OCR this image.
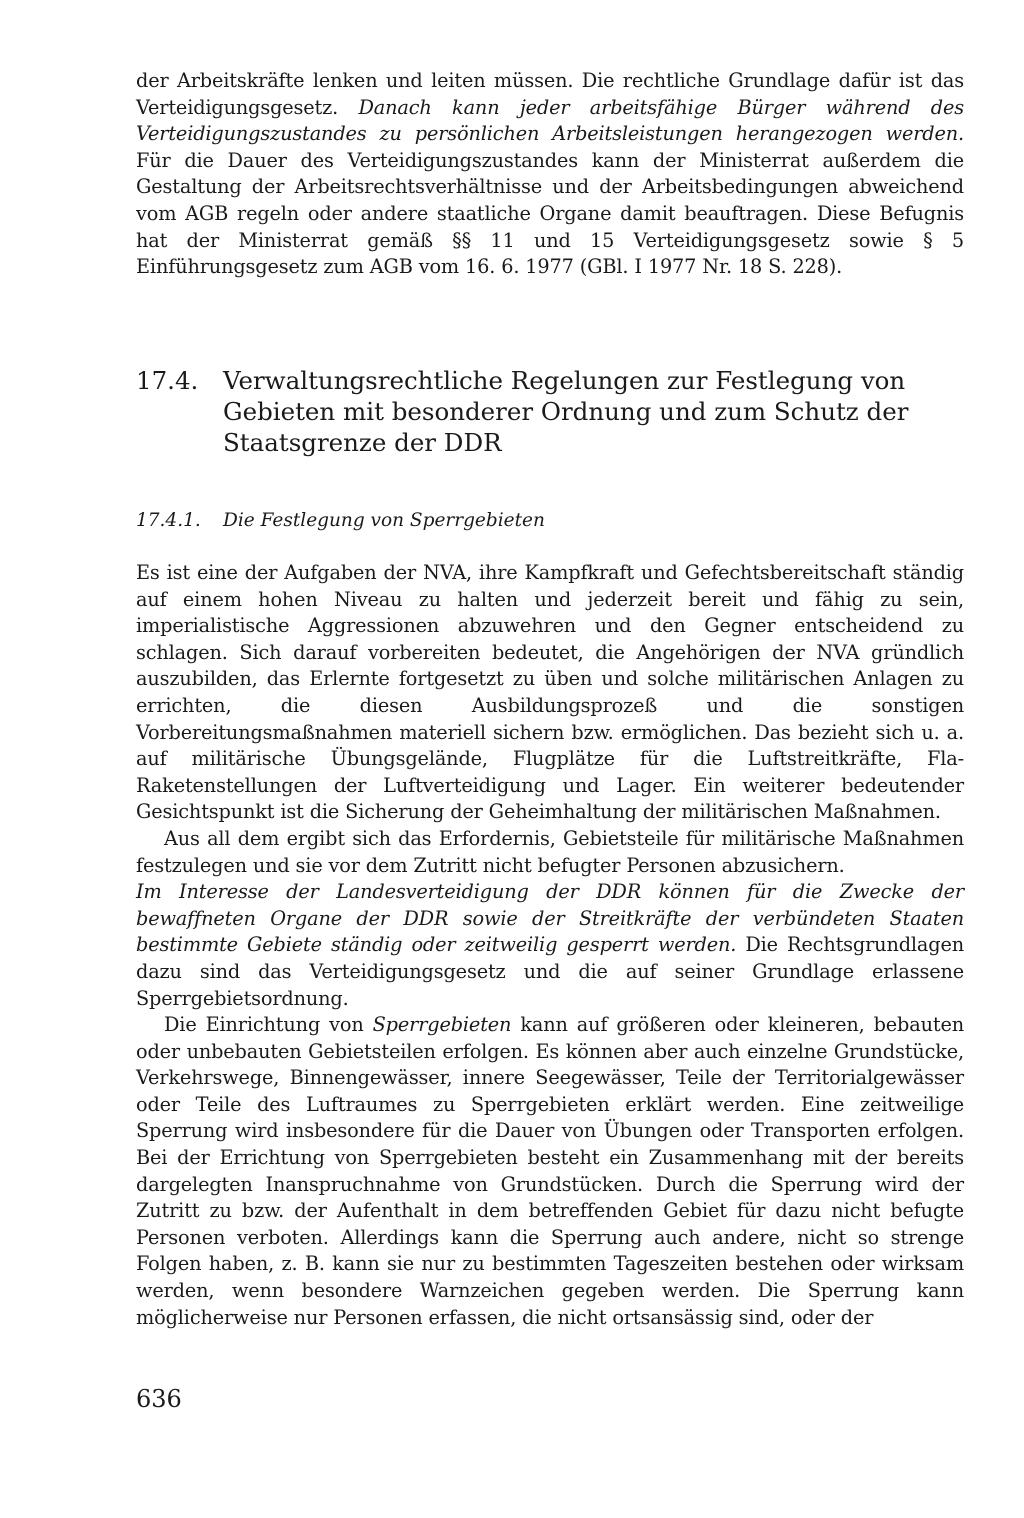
der Arbeitskräfte lenken und leiten müssen. Die rechtliche Grundlage dafür ist das Verteidigungsgesetz. Danach kann jeder arbeitsfähige Bürger während des Verteidigungszustandes zu persönlichen Arbeitsleistungen herangezogen werden. Für die Dauer des Verteidigungszustandes kann der Ministerrat außerdem die Gestaltung der Arbeitsrechtsverhältnisse und der Arbeitsbedingungen abweichend vom AGB regeln oder andere staatliche Organe damit beauftragen. Diese Befugnis hat der Ministerrat gemäß §§ 11 und 15 Verteidigungsgesetz sowie § 5 Einführungsgesetz zum AGB vom 16. 6. 1977 (GBl. I 1977 Nr. 18 S. 228).

17.4.	Verwaltungsrechtliche Regelungen zur Festlegung von Gebieten mit besonderer Ordnung und zum Schutz der Staatsgrenze der DDR
17.4.1.	Die Festlegung von Sperrgebieten

Es ist eine der Aufgaben der NVA, ihre Kampfkraft und Gefechtsbereitschaft ständig auf einem hohen Niveau zu halten und jederzeit bereit und fähig zu sein, imperialistische Aggressionen abzuwehren und den Gegner entscheidend zu schlagen. Sich darauf vorbereiten bedeutet, die Angehörigen der NVA gründlich auszubilden, das Erlernte fortgesetzt zu üben und solche militärischen Anlagen zu errichten, die diesen Ausbildungsprozeß und die sonstigen Vorbereitungsmaßnahmen materiell sichern bzw. ermöglichen. Das bezieht sich u. a. auf militärische Übungsgelände, Flugplätze für die Luftstreitkräfte, Fla-Raketenstellungen der Luftverteidigung und Lager. Ein weiterer bedeutender Gesichtspunkt ist die Sicherung der Geheimhaltung der militärischen Maßnahmen.

Aus all dem ergibt sich das Erfordernis, Gebietsteile für militärische Maßnahmen festzulegen und sie vor dem Zutritt nicht befugter Personen abzusichern.

Im Interesse der Landesverteidigung der DDR können für die Zwecke der bewaffneten Organe der DDR sowie der Streitkräfte der verbündeten Staaten bestimmte Gebiete ständig oder zeitweilig gesperrt werden. Die Rechtsgrundlagen dazu sind das Verteidigungsgesetz und die auf seiner Grundlage erlassene Sperrgebietsordnung.

Die Einrichtung von Sperrgebieten kann auf größeren oder kleineren, bebauten oder unbebauten Gebietsteilen erfolgen. Es können aber auch einzelne Grundstücke, Verkehrswege, Binnengewässer, innere Seegewässer, Teile der Territorialgewässer oder Teile des Luftraumes zu Sperrgebieten erklärt werden. Eine zeitweilige Sperrung wird insbesondere für die Dauer von Übungen oder Transporten erfolgen. Bei der Errichtung von Sperrgebieten besteht ein Zusammenhang mit der bereits dargelegten Inanspruchnahme von Grundstücken. Durch die Sperrung wird der Zutritt zu bzw. der Aufenthalt in dem betreffenden Gebiet für dazu nicht befugte Personen verboten. Allerdings kann die Sperrung auch andere, nicht so strenge Folgen haben, z. B. kann sie nur zu bestimmten Tageszeiten bestehen oder wirksam werden, wenn besondere Warnzeichen gegeben werden. Die Sperrung kann möglicherweise nur Personen erfassen, die nicht ortsansässig sind, oder der

636
